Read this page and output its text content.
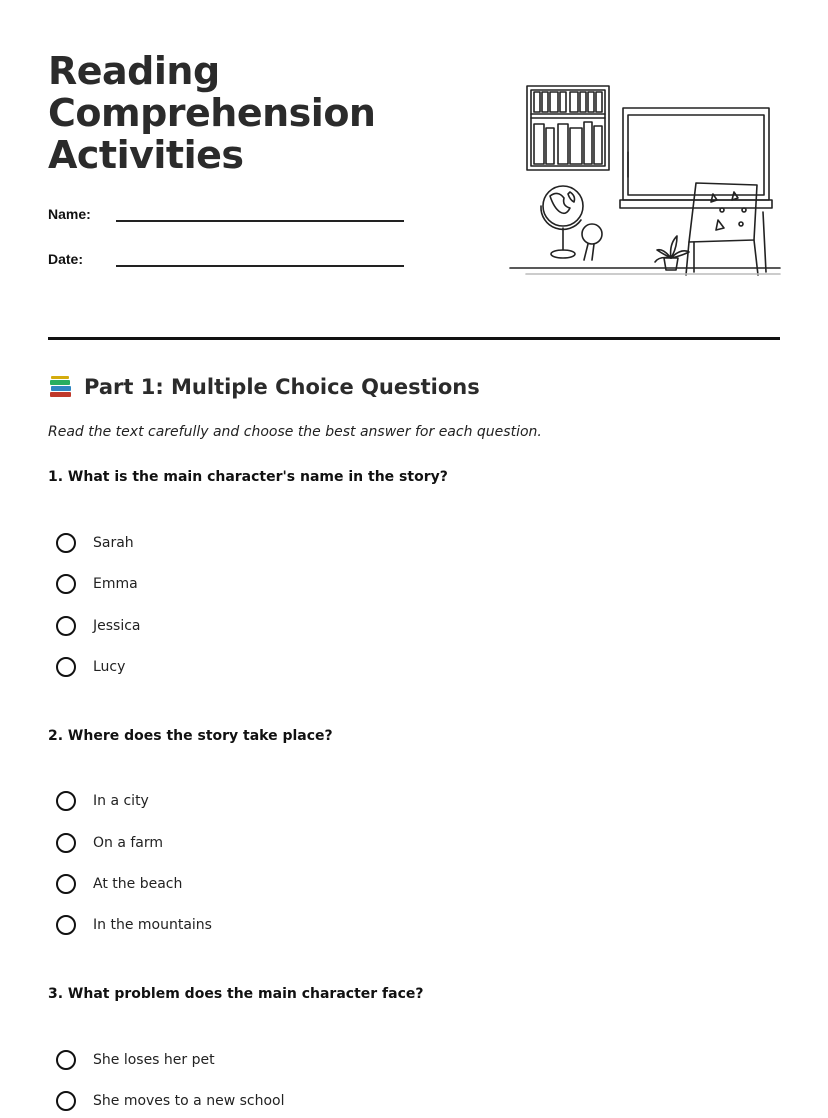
Reading
Comprehension
Activities
Name:
Date:
Part 1: Multiple Choice Questions
Read the text carefully and choose the best answer for each question.
1. What is the main character's name in the story?
Sarah
Emma
Jessica
Lucy
2. Where does the story take place?
In a city
On a farm
At the beach
In the mountains
3. What problem does the main character face?
She loses her pet
She moves to a new school
